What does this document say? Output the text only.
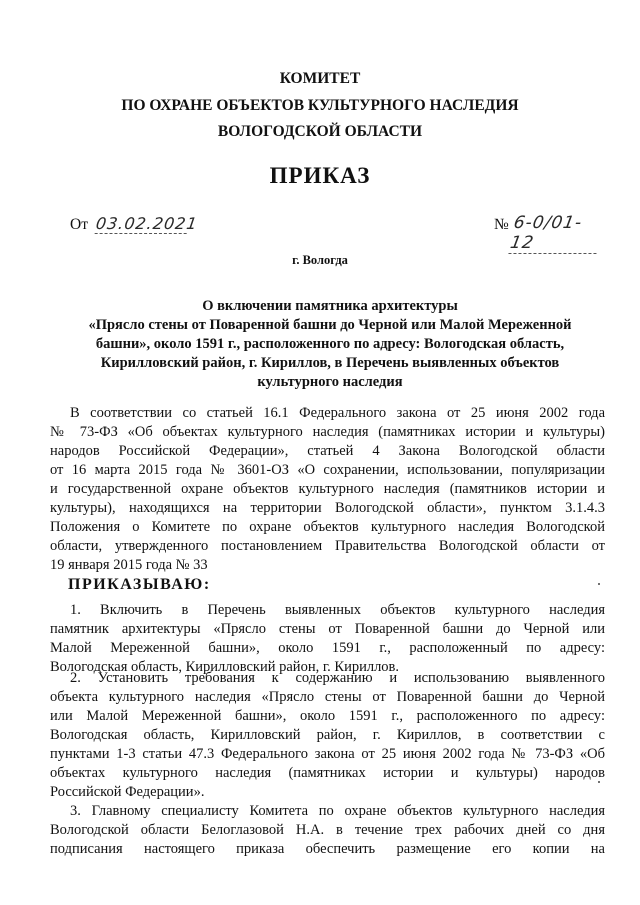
КОМИТЕТ
ПО ОХРАНЕ ОБЪЕКТОВ КУЛЬТУРНОГО НАСЛЕДИЯ
ВОЛОГОДСКОЙ ОБЛАСТИ
ПРИКАЗ
От 03.02.2021	№ 6-0/01-12
г. Вологда
О включении памятника архитектуры
«Прясло стены от Поваренной башни до Черной или Малой Мереженной
башни», около 1591 г., расположенного по адресу: Вологодская область,
Кирилловский район, г. Кириллов, в Перечень выявленных объектов
культурного наследия
В соответствии со статьей 16.1 Федерального закона от 25 июня 2002 года
№ 73-ФЗ «Об объектах культурного наследия (памятниках истории и культуры)
народов Российской Федерации», статьей 4 Закона Вологодской области
от 16 марта 2015 года № 3601-ОЗ «О сохранении, использовании, популяризации
и государственной охране объектов культурного наследия (памятников истории и
культуры), находящихся на территории Вологодской области», пунктом 3.1.4.3
Положения о Комитете по охране объектов культурного наследия Вологодской
области, утвержденного постановлением Правительства Вологодской области от
19 января 2015 года № 33
ПРИКАЗЫВАЮ:
1. Включить в Перечень выявленных объектов культурного наследия
памятник архитектуры «Прясло стены от Поваренной башни до Черной или
Малой Мереженной башни», около 1591 г., расположенный по адресу:
Вологодская область, Кирилловский район, г. Кириллов.
2. Установить требования к содержанию и использованию выявленного
объекта культурного наследия «Прясло стены от Поваренной башни до Черной
или Малой Мереженной башни», около 1591 г., расположенного по адресу:
Вологодская область, Кирилловский район, г. Кириллов, в соответствии с
пунктами 1-3 статьи 47.3 Федерального закона от 25 июня 2002 года № 73-ФЗ «Об
объектах культурного наследия (памятниках истории и культуры) народов
Российской Федерации».
3. Главному специалисту Комитета по охране объектов культурного наследия
Вологодской области Белоглазовой Н.А. в течение трех рабочих дней со дня
подписания настоящего приказа обеспечить размещение его копии на
